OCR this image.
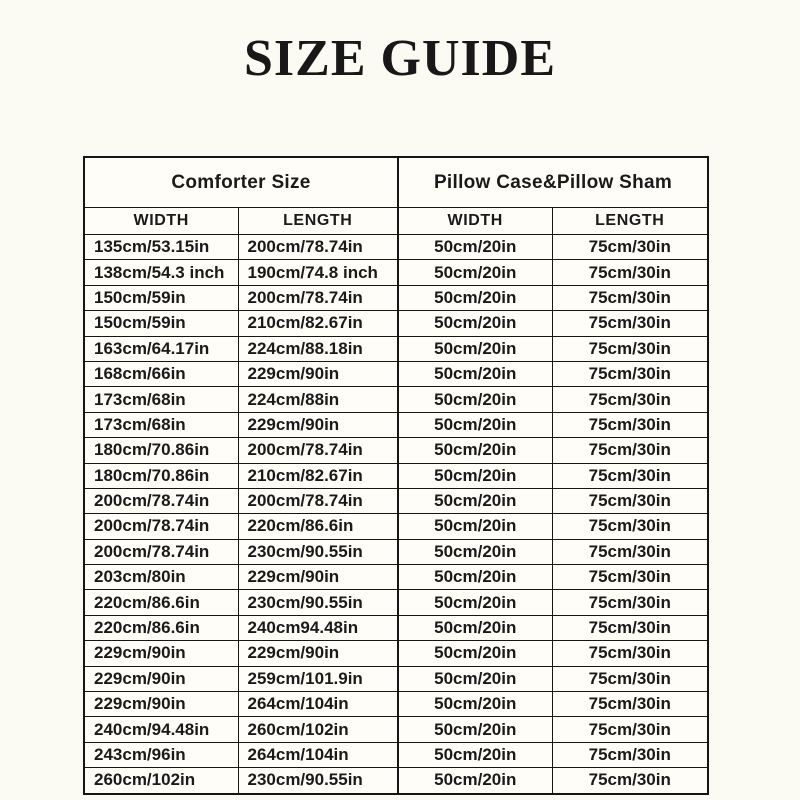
SIZE GUIDE
Comforter Size		Pillow Case&Pillow Sham	
WIDTH	LENGTH	WIDTH	LENGTH
135cm/53.15in	200cm/78.74in	50cm/20in	75cm/30in
138cm/54.3 inch	190cm/74.8 inch	50cm/20in	75cm/30in
150cm/59in	200cm/78.74in	50cm/20in	75cm/30in
150cm/59in	210cm/82.67in	50cm/20in	75cm/30in
163cm/64.17in	224cm/88.18in	50cm/20in	75cm/30in
168cm/66in	229cm/90in	50cm/20in	75cm/30in
173cm/68in	224cm/88in	50cm/20in	75cm/30in
173cm/68in	229cm/90in	50cm/20in	75cm/30in
180cm/70.86in	200cm/78.74in	50cm/20in	75cm/30in
180cm/70.86in	210cm/82.67in	50cm/20in	75cm/30in
200cm/78.74in	200cm/78.74in	50cm/20in	75cm/30in
200cm/78.74in	220cm/86.6in	50cm/20in	75cm/30in
200cm/78.74in	230cm/90.55in	50cm/20in	75cm/30in
203cm/80in	229cm/90in	50cm/20in	75cm/30in
220cm/86.6in	230cm/90.55in	50cm/20in	75cm/30in
220cm/86.6in	240cm94.48in	50cm/20in	75cm/30in
229cm/90in	229cm/90in	50cm/20in	75cm/30in
229cm/90in	259cm/101.9in	50cm/20in	75cm/30in
229cm/90in	264cm/104in	50cm/20in	75cm/30in
240cm/94.48in	260cm/102in	50cm/20in	75cm/30in
243cm/96in	264cm/104in	50cm/20in	75cm/30in
260cm/102in	230cm/90.55in	50cm/20in	75cm/30in
